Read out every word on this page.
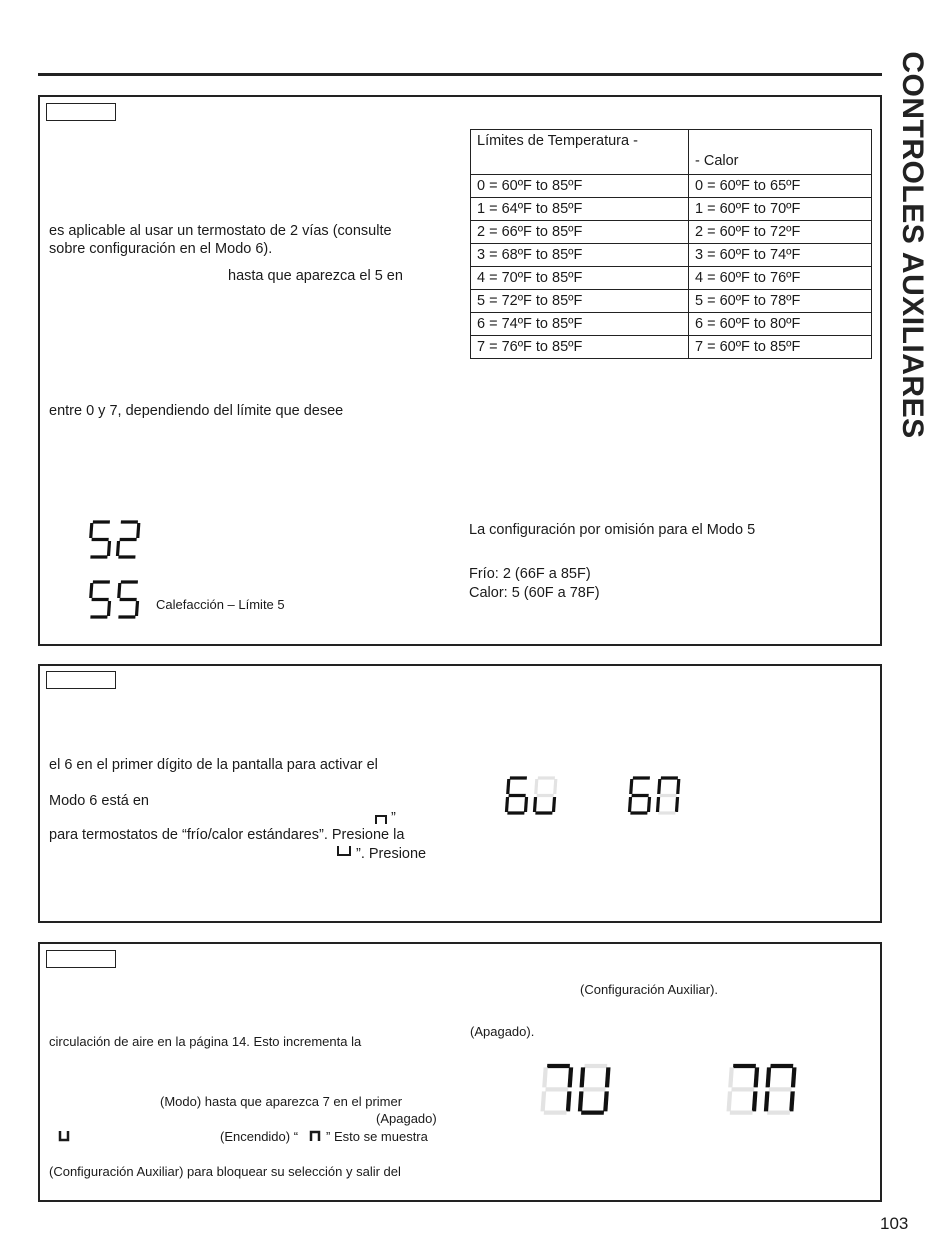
CONTROLES AUXILIARES
es aplicable al usar un termostato de 2 vías (consulte
sobre configuración en el Modo 6).
hasta que aparezca el 5 en
entre 0 y 7, dependiendo del límite que desee
Calefacción – Límite 5
Límites de Temperatura -	- Calor
0 = 60ºF to 85ºF	0 = 60ºF to 65ºF
1 = 64ºF to 85ºF	1 = 60ºF to 70ºF
2 = 66ºF to 85ºF	2 = 60ºF to 72ºF
3 = 68ºF to 85ºF	3 = 60ºF to 74ºF
4 = 70ºF to 85ºF	4 = 60ºF to 76ºF
5 = 72ºF to 85ºF	5 = 60ºF to 78ºF
6 = 74ºF to 85ºF	6 = 60ºF to 80ºF
7 = 76ºF to 85ºF	7 = 60ºF to 85ºF
La configuración por omisión para el Modo 5
Frío: 2 (66F a 85F)
Calor: 5 (60F a 78F)
el 6 en el primer dígito de la pantalla para activar el
Modo 6 está en
”
para termostatos de “frío/calor estándares”. Presione la
”. Presione
(Configuración Auxiliar).
(Apagado).
circulación de aire en la página 14. Esto incrementa la
(Modo) hasta que aparezca 7 en el primer
(Apagado)
(Encendido) “ ” Esto se muestra
(Configuración Auxiliar) para bloquear su selección y salir del
103
